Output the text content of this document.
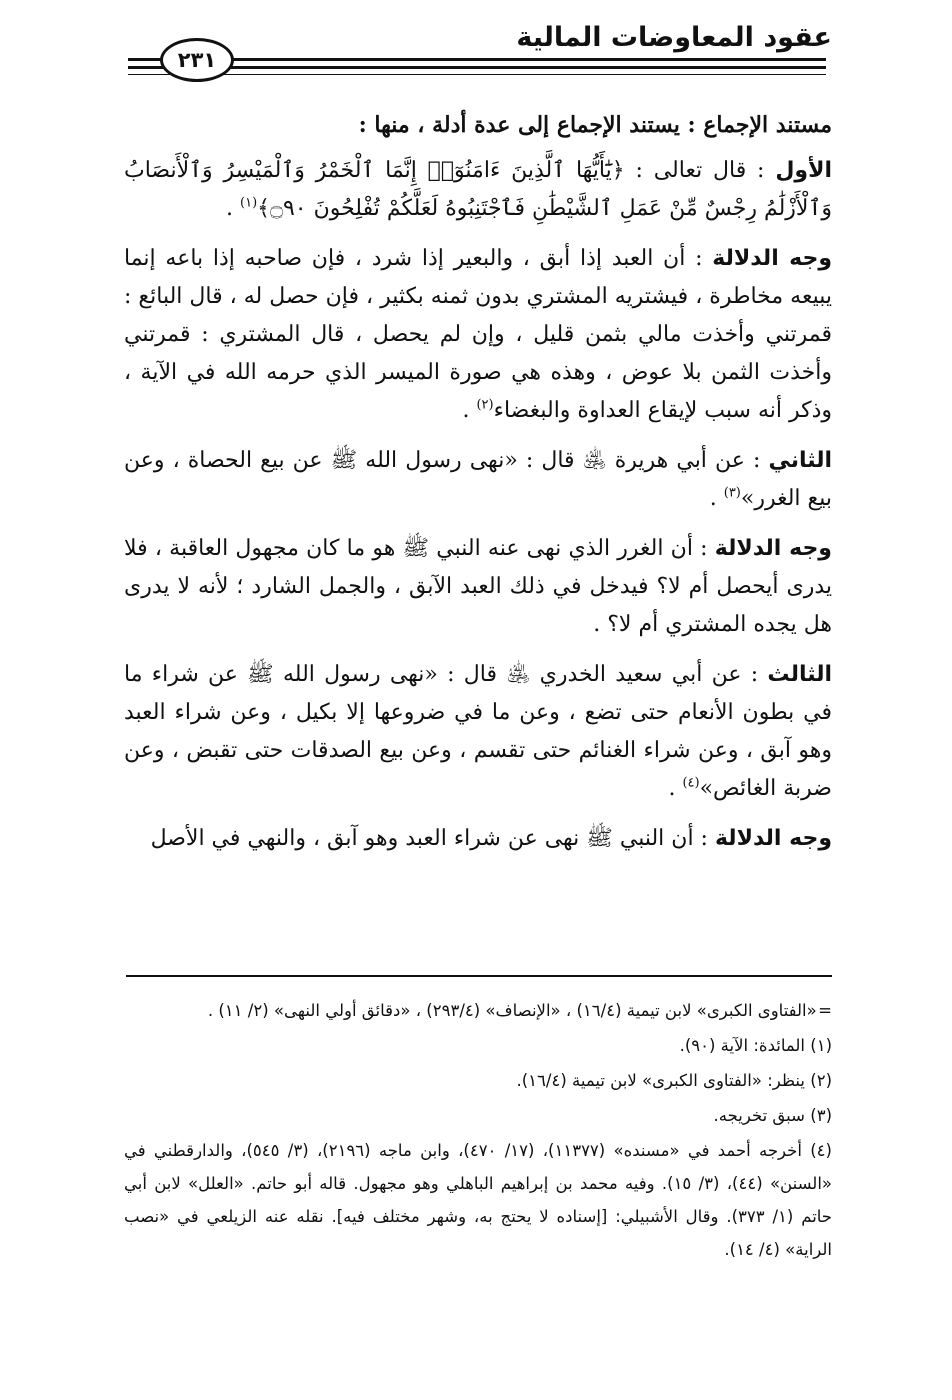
عقود المعاوضات المالية
٢٣١

مستند الإجماع : يستند الإجماع إلى عدة أدلة ، منها :

الأول : قال تعالى : ﴿يَٰٓأَيُّهَا ٱلَّذِينَ ءَامَنُوٓا۟ إِنَّمَا ٱلْخَمْرُ وَٱلْمَيْسِرُ وَٱلْأَنصَابُ وَٱلْأَزْلَٰمُ رِجْسٌ مِّنْ عَمَلِ ٱلشَّيْطَٰنِ فَٱجْتَنِبُوهُ لَعَلَّكُمْ تُفْلِحُونَ ۝٩٠﴾$^{(١)}$ .

وجه الدلالة : أن العبد إذا أبق ، والبعير إذا شرد ، فإن صاحبه إذا باعه إنما يبيعه مخاطرة ، فيشتريه المشتري بدون ثمنه بكثير ، فإن حصل له ، قال البائع : قمرتني وأخذت مالي بثمن قليل ، وإن لم يحصل ، قال المشتري : قمرتني وأخذت الثمن بلا عوض ، وهذه هي صورة الميسر الذي حرمه الله في الآية ، وذكر أنه سبب لإيقاع العداوة والبغضاء$^{(٢)}$ .

الثاني : عن أبي هريرة ﵁ قال : «نهى رسول الله ﷺ عن بيع الحصاة ، وعن بيع الغرر»$^{(٣)}$ .

وجه الدلالة : أن الغرر الذي نهى عنه النبي ﷺ هو ما كان مجهول العاقبة ، فلا يدرى أيحصل أم لا؟ فيدخل في ذلك العبد الآبق ، والجمل الشارد ؛ لأنه لا يدرى هل يجده المشتري أم لا؟ .

الثالث : عن أبي سعيد الخدري ﵁ قال : «نهى رسول الله ﷺ عن شراء ما في بطون الأنعام حتى تضع ، وعن ما في ضروعها إلا بكيل ، وعن شراء العبد وهو آبق ، وعن شراء الغنائم حتى تقسم ، وعن بيع الصدقات حتى تقبض ، وعن ضربة الغائص»$^{(٤)}$ .

وجه الدلالة : أن النبي ﷺ نهى عن شراء العبد وهو آبق ، والنهي في الأصل

= «الفتاوى الكبرى» لابن تيمية (١٦/٤) ، «الإنصاف» (٢٩٣/٤) ، «دقائق أولي النهى» (٢/ ١١) .

(١) المائدة: الآية (٩٠).

(٢) ينظر: «الفتاوى الكبرى» لابن تيمية (١٦/٤).

(٣) سبق تخريجه.

(٤) أخرجه أحمد في «مسنده» (١١٣٧٧)، (١٧/ ٤٧٠)، وابن ماجه (٢١٩٦)، (٣/ ٥٤٥)، والدارقطني في «السنن» (٤٤)، (٣/ ١٥). وفيه محمد بن إبراهيم الباهلي وهو مجهول. قاله أبو حاتم. «العلل» لابن أبي حاتم (١/ ٣٧٣). وقال الأشبيلي: [إسناده لا يحتج به، وشهر مختلف فيه]. نقله عنه الزيلعي في «نصب الراية» (٤/ ١٤).
